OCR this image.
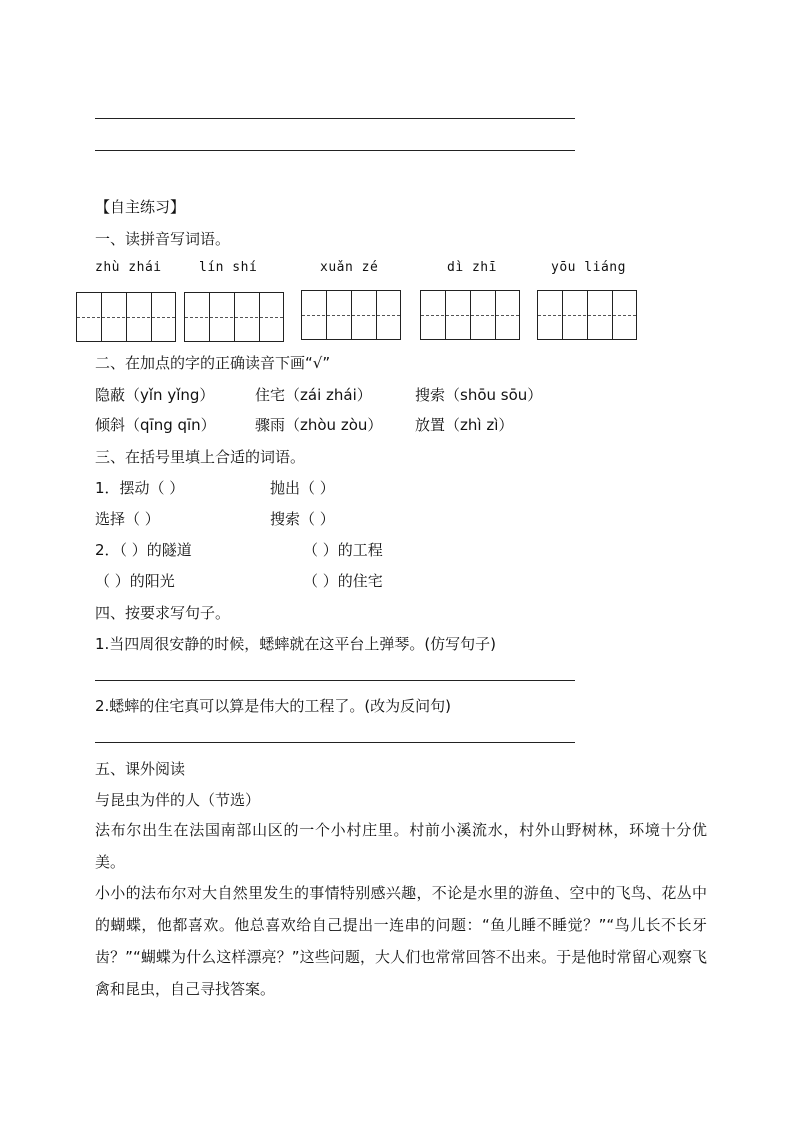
【自主练习】
一、读拼音写词语。
zhù zhái	lín shí	xuǎn zé	dì zhī	yōu liáng
二、在加点的字的正确读音下画“√”
隐蔽（yǐn yǐng）	住宅（zái zhái）	搜索（shōu sōu）
倾斜（qīng qīn）	骤雨（zhòu zòu） 放置（zhì zì）
三、在括号里填上合适的词语。
1．摆动（ ）	抛出（ ）
选择（ ）	搜索（ ）
2．（ ）的隧道	（ ）的工程
（ ）的阳光	（ ）的住宅
四、按要求写句子。
1.当四周很安静的时候，蟋蟀就在这平台上弹琴。(仿写句子)
2.蟋蟀的住宅真可以算是伟大的工程了。(改为反问句)
五、课外阅读
与昆虫为伴的人（节选）
法布尔出生在法国南部山区的一个小村庄里。村前小溪流水，村外山野树林，环境十分优美。
小小的法布尔对大自然里发生的事情特别感兴趣，不论是水里的游鱼、空中的飞鸟、花丛中的蝴蝶，他都喜欢。他总喜欢给自己提出一连串的问题：“鱼儿睡不睡觉？”“鸟儿长不长牙齿？”“蝴蝶为什么这样漂亮？”这些问题，大人们也常常回答不出来。于是他时常留心观察飞禽和昆虫，自己寻找答案。
